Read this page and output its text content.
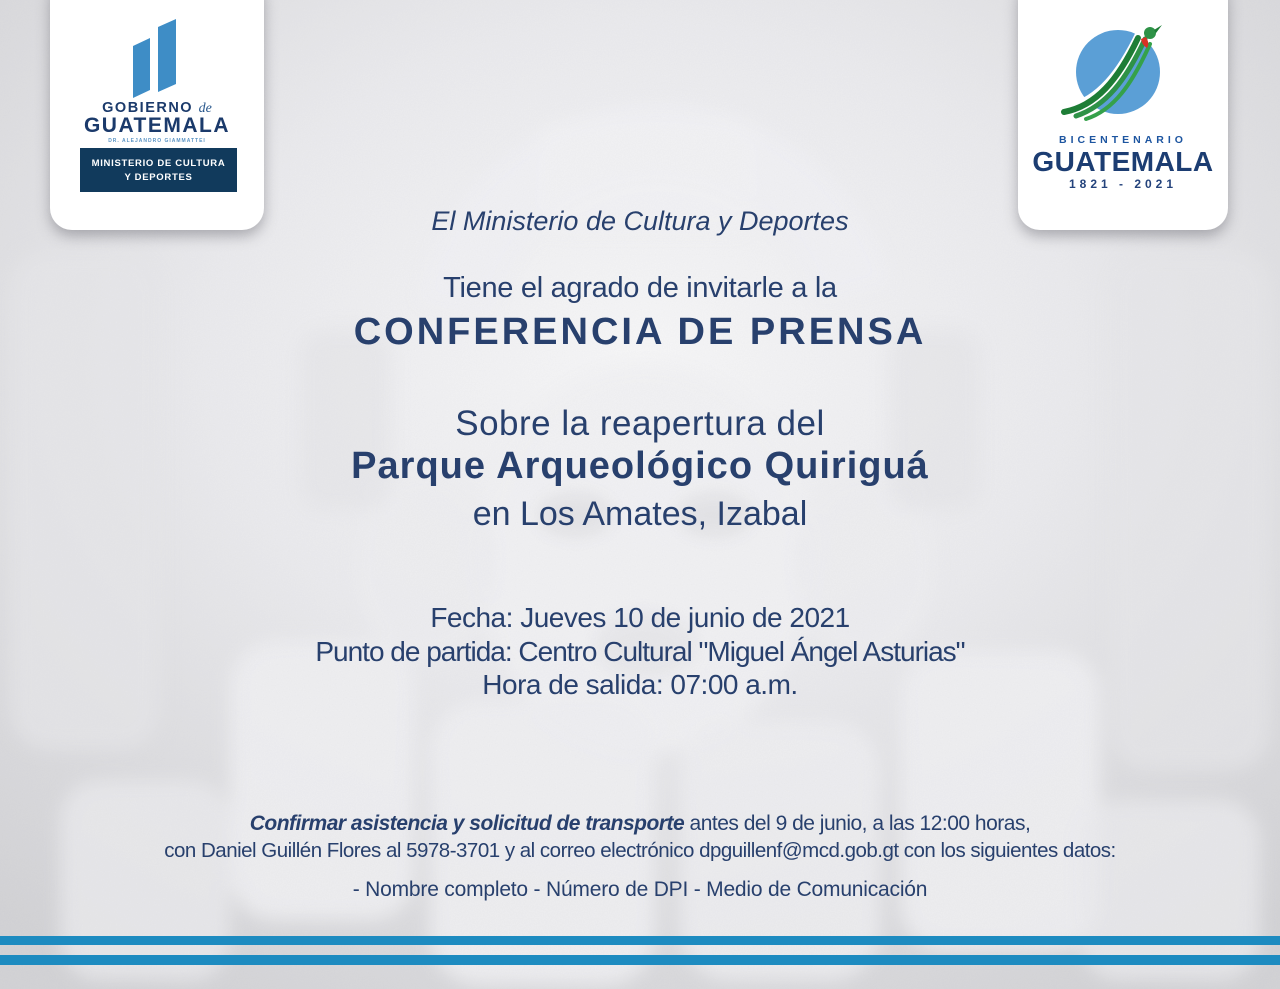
GOBIERNO de
GUATEMALA
DR. ALEJANDRO GIAMMATTEI
MINISTERIO DE CULTURA
Y DEPORTES
BICENTENARIO
GUATEMALA
1821 - 2021
El Ministerio de Cultura y Deportes
Tiene el agrado de invitarle a la
CONFERENCIA DE PRENSA
Sobre la reapertura del
Parque Arqueológico Quiriguá
en Los Amates, Izabal
Fecha: Jueves 10 de junio de 2021
Punto de partida: Centro Cultural "Miguel Ángel Asturias"
Hora de salida: 07:00 a.m.
Confirmar asistencia y solicitud de transporte antes del 9 de junio, a las 12:00 horas,
con Daniel Guillén Flores al 5978-3701 y al correo electrónico dpguillenf@mcd.gob.gt con los siguientes datos:
- Nombre completo - Número de DPI - Medio de Comunicación
